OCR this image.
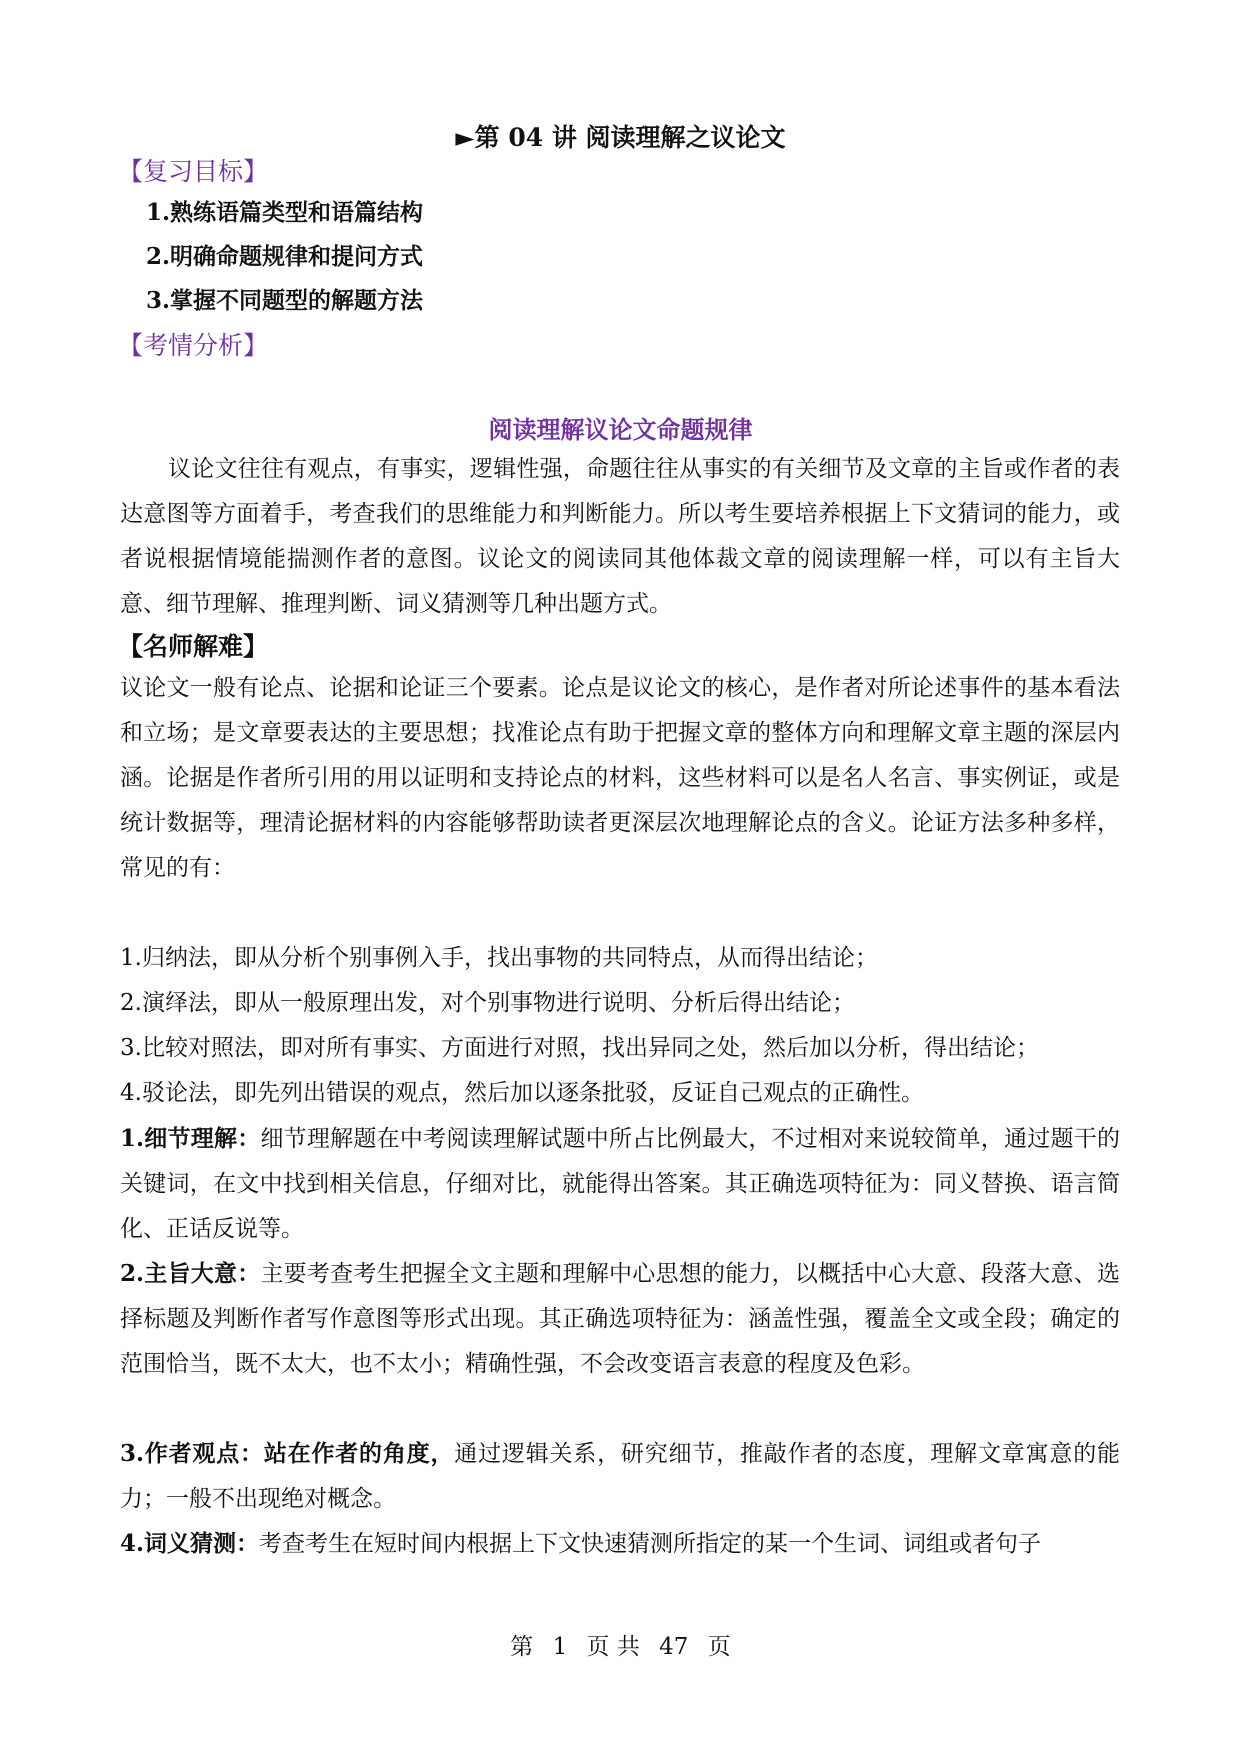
►第 04 讲 阅读理解之议论文
【复习目标】
1.熟练语篇类型和语篇结构
2.明确命题规律和提问方式
3.掌握不同题型的解题方法
【考情分析】
阅读理解议论文命题规律
议论文往往有观点，有事实，逻辑性强，命题往往从事实的有关细节及文章的主旨或作者的表达意图等方面着手，考查我们的思维能力和判断能力。所以考生要培养根据上下文猜词的能力，或者说根据情境能揣测作者的意图。议论文的阅读同其他体裁文章的阅读理解一样，可以有主旨大意、细节理解、推理判断、词义猜测等几种出题方式。
【名师解难】
议论文一般有论点、论据和论证三个要素。论点是议论文的核心，是作者对所论述事件的基本看法和立场；是文章要表达的主要思想；找准论点有助于把握文章的整体方向和理解文章主题的深层内涵。论据是作者所引用的用以证明和支持论点的材料，这些材料可以是名人名言、事实例证，或是统计数据等，理清论据材料的内容能够帮助读者更深层次地理解论点的含义。论证方法多种多样，常见的有：
1.归纳法，即从分析个别事例入手，找出事物的共同特点，从而得出结论；
2.演绎法，即从一般原理出发，对个别事物进行说明、分析后得出结论；
3.比较对照法，即对所有事实、方面进行对照，找出异同之处，然后加以分析，得出结论；
4.驳论法，即先列出错误的观点，然后加以逐条批驳，反证自己观点的正确性。
1.细节理解：细节理解题在中考阅读理解试题中所占比例最大，不过相对来说较简单，通过题干的关键词，在文中找到相关信息，仔细对比，就能得出答案。其正确选项特征为：同义替换、语言简化、正话反说等。
2.主旨大意：主要考查考生把握全文主题和理解中心思想的能力，以概括中心大意、段落大意、选择标题及判断作者写作意图等形式出现。其正确选项特征为：涵盖性强，覆盖全文或全段；确定的范围恰当，既不太大，也不太小；精确性强，不会改变语言表意的程度及色彩。
3.作者观点：站在作者的角度，通过逻辑关系，研究细节，推敲作者的态度，理解文章寓意的能力；一般不出现绝对概念。
4.词义猜测：考查考生在短时间内根据上下文快速猜测所指定的某一个生词、词组或者句子
第 1 页 共 47 页
